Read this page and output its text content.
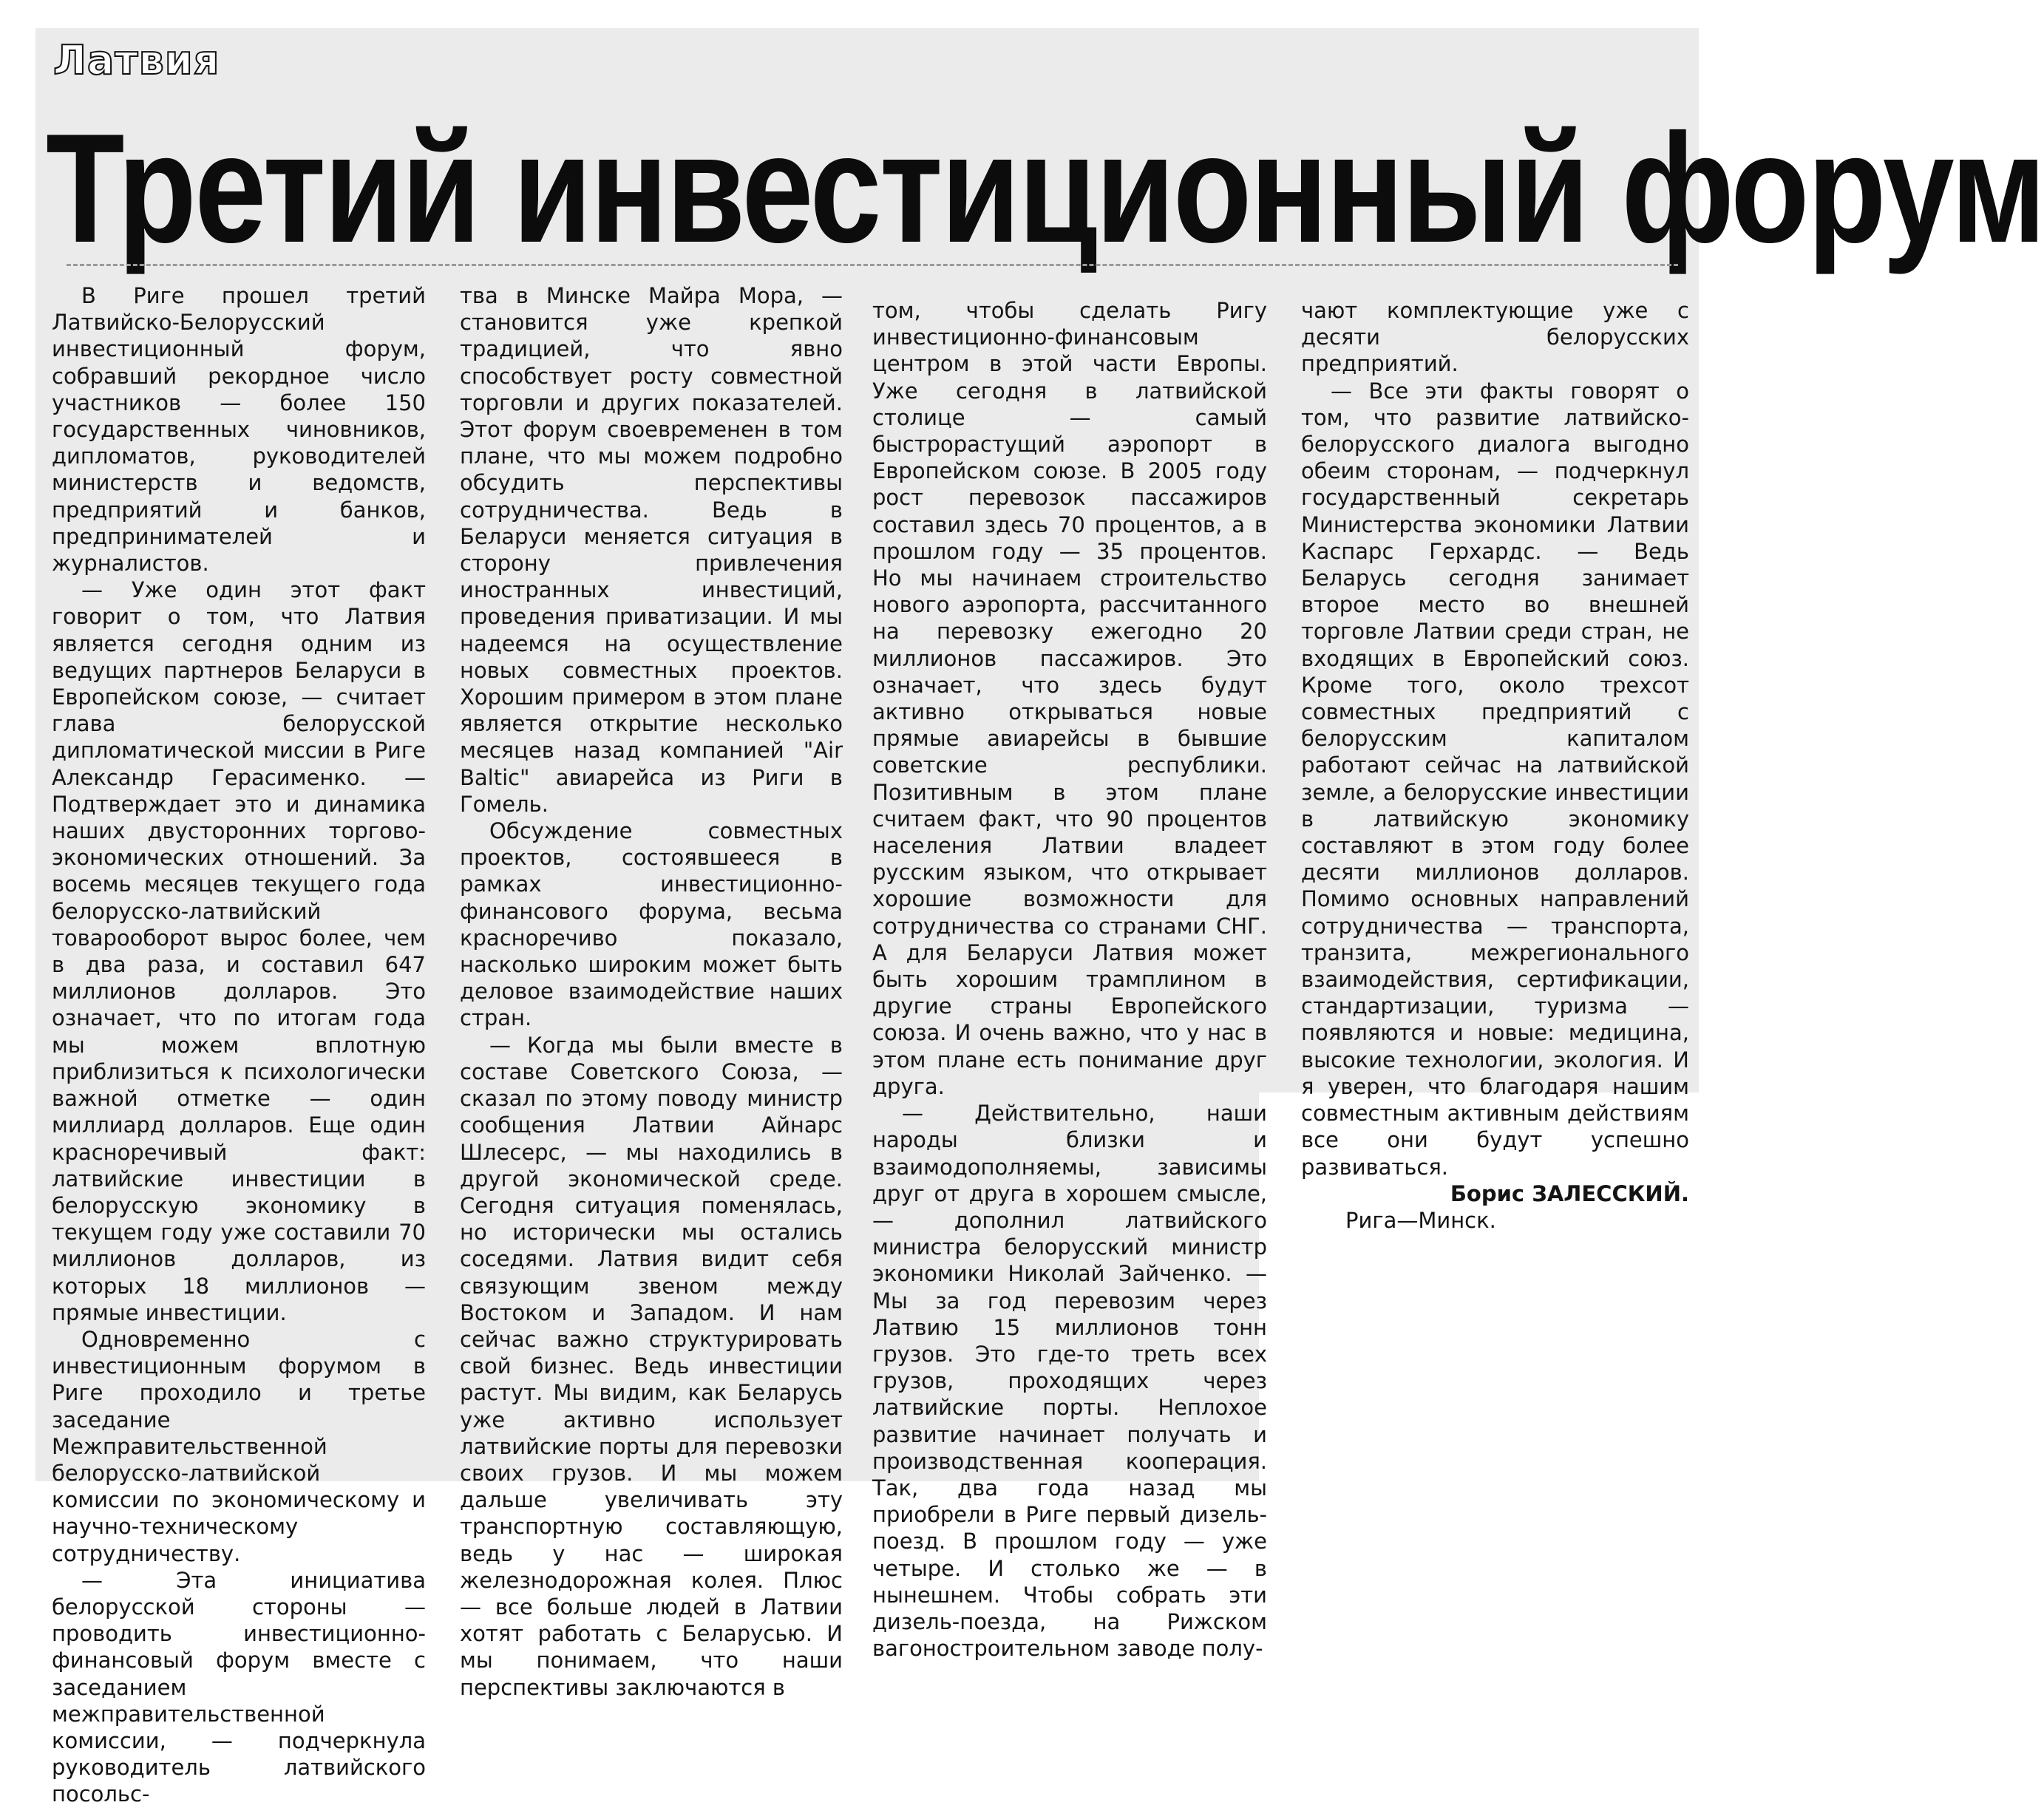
Латвия
Третий инвестиционный форум

В Риге прошел третий Латвийско-Белорусский инвестиционный форум, собравший рекордное число участников — более 150 государственных чиновников, дипломатов, руководителей министерств и ведомств, предприятий и банков, предпринимателей и журналистов.

— Уже один этот факт говорит о том, что Латвия является сегодня одним из ведущих партнеров Беларуси в Европейском союзе, — считает глава белорусской дипломатической миссии в Риге Александр Герасименко. — Подтверждает это и динамика наших двусторонних торгово-экономических отношений. За восемь месяцев текущего года белорусско-латвийский товарооборот вырос более, чем в два раза, и составил 647 миллионов долларов. Это означает, что по итогам года мы можем вплотную приблизиться к психологически важной отметке — один миллиард долларов. Еще один красноречивый факт: латвийские инвестиции в белорусскую экономику в текущем году уже составили 70 миллионов долларов, из которых 18 миллионов — прямые инвестиции.

Одновременно с инвестиционным форумом в Риге проходило и третье заседание Межправительственной белорусско-латвийской комиссии по экономическому и научно-техническому сотрудничеству.

— Эта инициатива белорусской стороны — проводить инвестиционно-финансовый форум вместе с заседанием межправительственной комиссии, — подчеркнула руководитель латвийского посольс-

тва в Минске Майра Мора, — становится уже крепкой традицией, что явно способствует росту совместной торговли и других показателей. Этот форум своевременен в том плане, что мы можем подробно обсудить перспективы сотрудничества. Ведь в Беларуси меняется ситуация в сторону привлечения иностранных инвестиций, проведения приватизации. И мы надеемся на осуществление новых совместных проектов. Хорошим примером в этом плане является открытие несколько месяцев назад компанией "Air Baltic" авиарейса из Риги в Гомель.

Обсуждение совместных проектов, состоявшееся в рамках инвестиционно-финансового форума, весьма красноречиво показало, насколько широким может быть деловое взаимодействие наших стран.

— Когда мы были вместе в составе Советского Союза, — сказал по этому поводу министр сообщения Латвии Айнарс Шлесерс, — мы находились в другой экономической среде. Сегодня ситуация поменялась, но исторически мы остались соседями. Латвия видит себя связующим звеном между Востоком и Западом. И нам сейчас важно структурировать свой бизнес. Ведь инвестиции растут. Мы видим, как Беларусь уже активно использует латвийские порты для перевозки своих грузов. И мы можем дальше увеличивать эту транспортную составляющую, ведь у нас — широкая железнодорожная колея. Плюс — все больше людей в Латвии хотят работать с Беларусью. И мы понимаем, что наши перспективы заключаются в

том, чтобы сделать Ригу инвестиционно-финансовым центром в этой части Европы. Уже сегодня в латвийской столице — самый быстрорастущий аэропорт в Европейском союзе. В 2005 году рост перевозок пассажиров составил здесь 70 процентов, а в прошлом году — 35 процентов. Но мы начинаем строительство нового аэропорта, рассчитанного на перевозку ежегодно 20 миллионов пассажиров. Это означает, что здесь будут активно открываться новые прямые авиарейсы в бывшие советские республики. Позитивным в этом плане считаем факт, что 90 процентов населения Латвии владеет русским языком, что открывает хорошие возможности для сотрудничества со странами СНГ. А для Беларуси Латвия может быть хорошим трамплином в другие страны Европейского союза. И очень важно, что у нас в этом плане есть понимание друг друга.

— Действительно, наши народы близки и взаимодополняемы, зависимы друг от друга в хорошем смысле, — дополнил латвийского министра белорусский министр экономики Николай Зайченко. — Мы за год перевозим через Латвию 15 миллионов тонн грузов. Это где-то треть всех грузов, проходящих через латвийские порты. Неплохое развитие начинает получать и производственная кооперация. Так, два года назад мы приобрели в Риге первый дизель-поезд. В прошлом году — уже четыре. И столько же — в нынешнем. Чтобы собрать эти дизель-поезда, на Рижском вагоностроительном заводе полу-

чают комплектующие уже с десяти белорусских предприятий.

— Все эти факты говорят о том, что развитие латвийско-белорусского диалога выгодно обеим сторонам, — подчеркнул государственный секретарь Министерства экономики Латвии Каспарс Герхардс. — Ведь Беларусь сегодня занимает второе место во внешней торговле Латвии среди стран, не входящих в Европейский союз. Кроме того, около трехсот совместных предприятий с белорусским капиталом работают сейчас на латвийской земле, а белорусские инвестиции в латвийскую экономику составляют в этом году более десяти миллионов долларов. Помимо основных направлений сотрудничества — транспорта, транзита, межрегионального взаимодействия, сертификации, стандартизации, туризма — появляются и новые: медицина, высокие технологии, экология. И я уверен, что благодаря нашим совместным активным действиям все они будут успешно развиваться.

Борис ЗАЛЕССКИЙ.

Рига—Минск.
